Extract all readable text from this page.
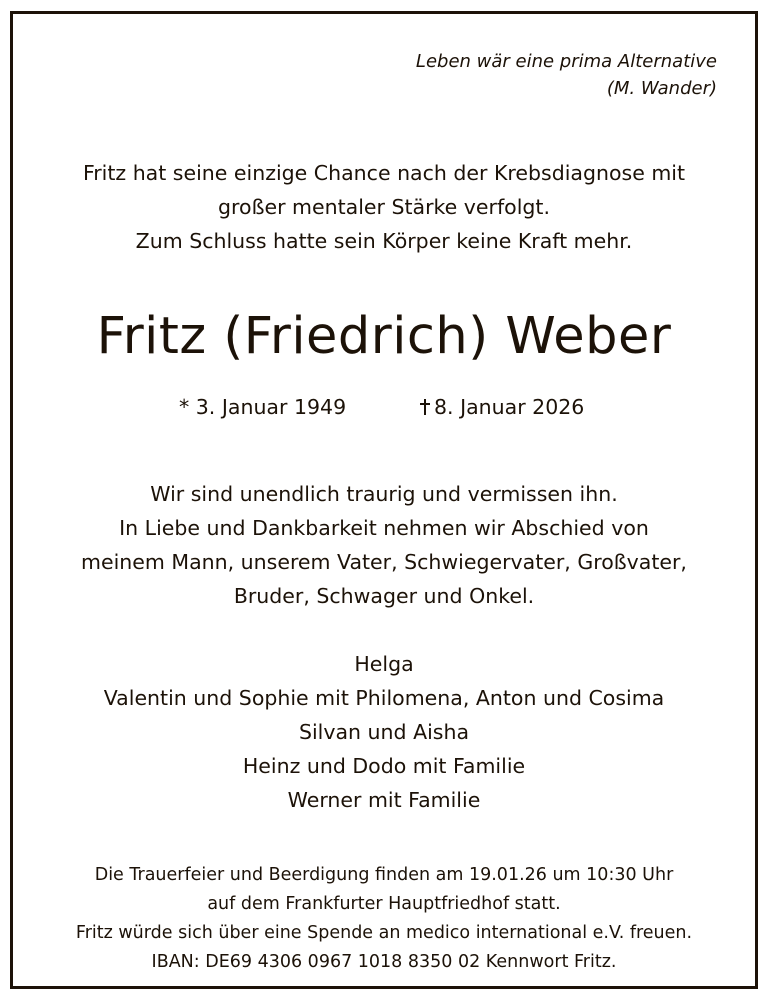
Leben wär eine prima Alternative
(M. Wander)
Fritz hat seine einzige Chance nach der Krebsdiagnose mit
großer mentaler Stärke verfolgt.
Zum Schluss hatte sein Körper keine Kraft mehr.
Fritz (Friedrich) Weber
* 3. Januar 1949	8. Januar 2026
Wir sind unendlich traurig und vermissen ihn.
In Liebe und Dankbarkeit nehmen wir Abschied von
meinem Mann, unserem Vater, Schwiegervater, Großvater,
Bruder, Schwager und Onkel.
Helga
Valentin und Sophie mit Philomena, Anton und Cosima
Silvan und Aisha
Heinz und Dodo mit Familie
Werner mit Familie
Die Trauerfeier und Beerdigung finden am 19.01.26 um 10:30 Uhr
auf dem Frankfurter Hauptfriedhof statt.
Fritz würde sich über eine Spende an medico international e.V. freuen.
IBAN: DE69 4306 0967 1018 8350 02 Kennwort Fritz.
